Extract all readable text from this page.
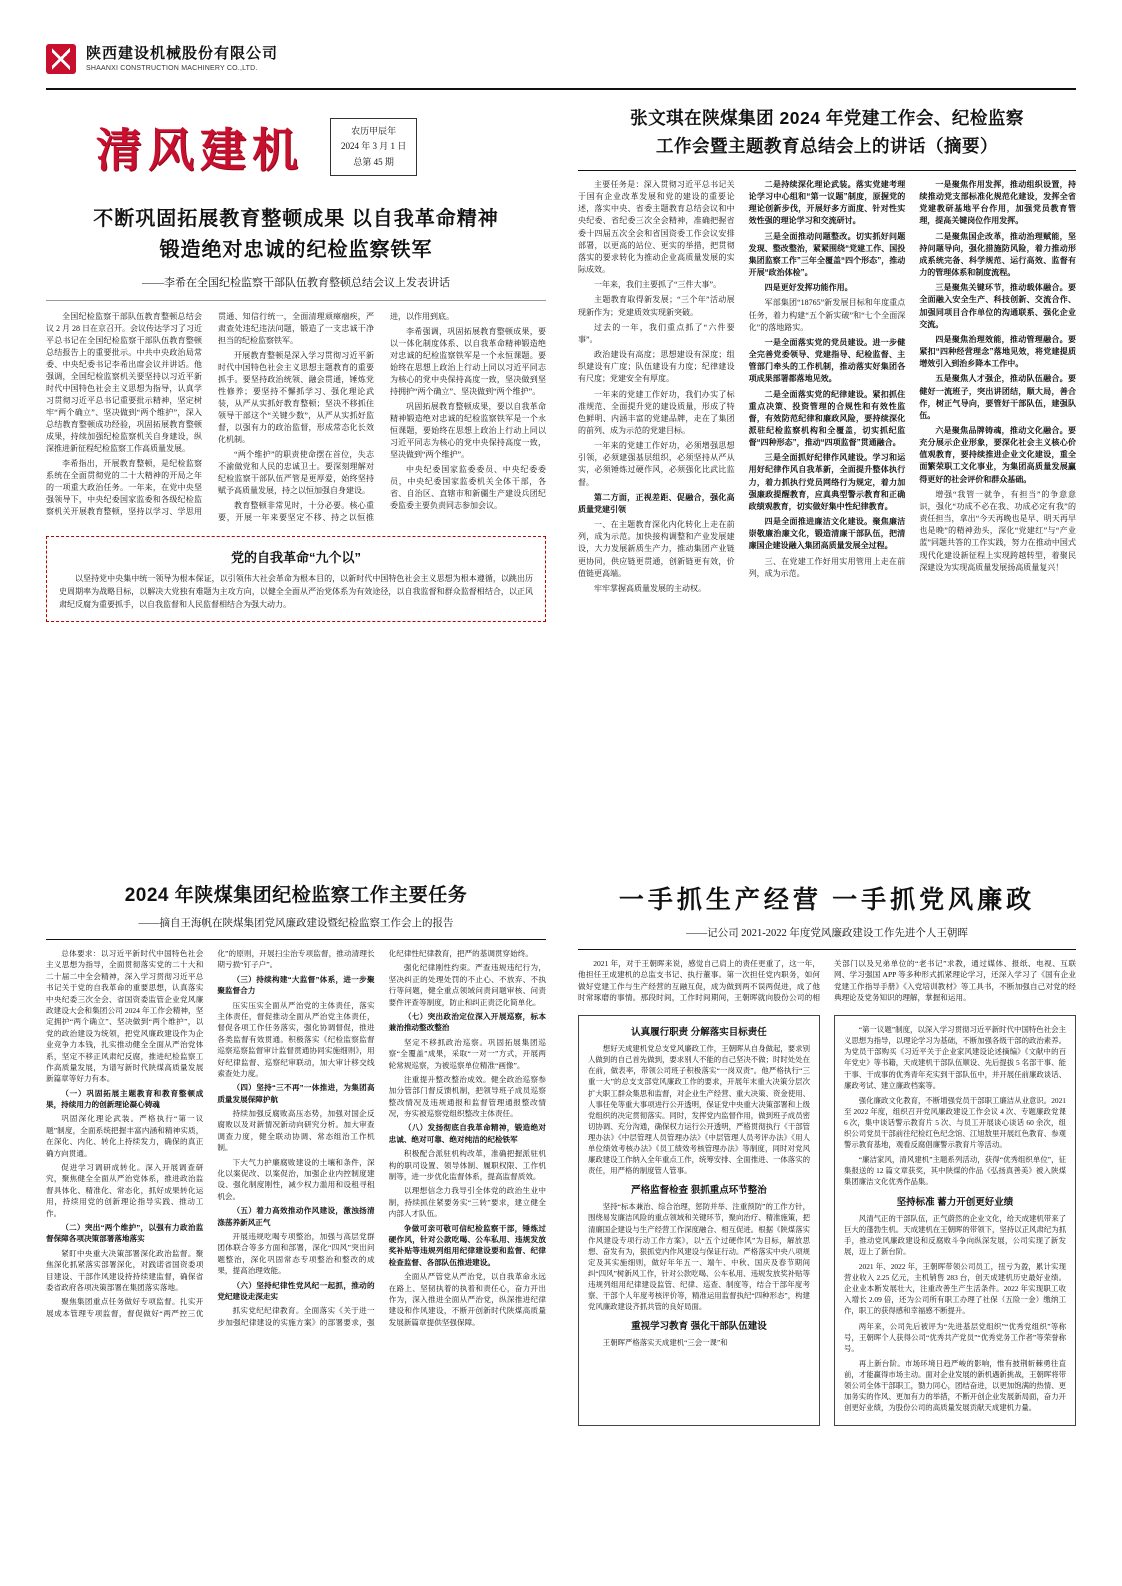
陕西建设机械股份有限公司
SHAANXI CONSTRUCTION MACHINERY CO.,LTD.
清风建机	农历甲辰年
2024 年 3 月 1 日
总第 45 期
不断巩固拓展教育整顿成果 以自我革命精神
锻造绝对忠诚的纪检监察铁军
——李希在全国纪检监察干部队伍教育整顿总结会议上发表讲话

全国纪检监察干部队伍教育整顿总结会议 2 月 28 日在京召开。会议传达学习了习近平总书记在全国纪检监察干部队伍教育整顿总结报告上的重要批示。中共中央政治局常委、中央纪委书记李希出席会议并讲话。他强调，全国纪检监察机关要坚持以习近平新时代中国特色社会主义思想为指导，认真学习贯彻习近平总书记重要批示精神，坚定树牢“两个确立”、坚决做到“两个维护”，深入总结教育整顿成功经验，巩固拓展教育整顿成果，持续加强纪检监察机关自身建设，纵深推进新征程纪检监察工作高质量发展。

李希指出，开展教育整顿，是纪检监察系统在全面贯彻党的二十大精神的开局之年的一项重大政治任务。一年来，在党中央坚强领导下，中央纪委国家监委和各级纪检监察机关开展教育整顿，坚持以学习、学思用贯通、知信行统一，全面清理顽瘴痼疾，严肃查处违纪违法问题，锻造了一支忠诚干净担当的纪检监察铁军。

开展教育整顿是深入学习贯彻习近平新时代中国特色社会主义思想主题教育的重要抓手。要坚持政治统领、融会贯通，锤炼党性修养；要坚持不懈抓学习、强化理论武装，从严从实抓好教育整顿；坚决不移抓住领导干部这个“关键少数”，从严从实抓好监督，以强有力的政治监督，形成常态化长效化机制。

“两个维护”的职责使命摆在首位，失志不渝做党和人民的忠诚卫士。要深刻理解对纪检监察干部队伍严管是更厚爱，始终坚持赋予高质量发展，持之以恒加强自身建设。

教育整顿非常见时，十分必要。核心重要，开展一年来要坚定不移、持之以恒推进，以作用到底。

李希强调，巩固拓展教育整顿成果，要以一体化制度体系、以自我革命精神锻造绝对忠诚的纪检监察铁军是一个永恒课题。要始终在思想上政治上行动上同以习近平同志为核心的党中央保持高度一致，坚决做到坚持拥护“两个确立”、坚决做到“两个维护”。

巩固拓展教育整顿成果，要以自我革命精神锻造绝对忠诚的纪检监察铁军是一个永恒课题，要始终在思想上政治上行动上同以习近平同志为核心的党中央保持高度一致，坚决做到“两个维护”。

中央纪委国家监委委员、中央纪委委员，中央纪委国家监委机关全体干部，各省、自治区、直辖市和新疆生产建设兵团纪委监委主要负责同志参加会议。

党的自我革命“九个以”
以坚持党中央集中统一领导为根本保证，以引领伟大社会革命为根本目的，以新时代中国特色社会主义思想为根本遵循，以跳出历史周期率为战略目标，以解决大党独有难题为主攻方向，以健全全面从严治党体系为有效途径，以自我监督和群众监督相结合，以正风肃纪反腐为重要抓手，以自我监督和人民监督相结合为强大动力。
张文琪在陕煤集团 2024 年党建工作会、纪检监察
工作会暨主题教育总结会上的讲话（摘要）

主要任务是：深入贯彻习近平总书记关于国有企业改革发展和党的建设的重要论述，落实中央、省委主题教育总结会议和中央纪委、省纪委三次全会精神，准确把握省委十四届五次全会和省国资委工作会议安排部署，以更高的站位、更实的举措，把贯彻落实的要求转化为推动企业高质量发展的实际成效。

一年来，我们主要抓了“三件大事”。

主题教育取得新发展；“三个年”活动展现新作为；党建质效实现新突破。

过去的一年，我们重点抓了“六件要事”。

政治建设有高度；思想建设有深度；组织建设有广度；队伍建设有力度；纪律建设有尺度；党建安全有厚度。

一年来的党建工作好功，我们办实了标准规范、全面提升党的建设质量，形成了特色鲜明、内涵丰富的党建品牌，走在了集团的前列、成为示范的党建目标。

一年来的党建工作好功，必须增强思想引领，必须建强基层组织，必须坚持从严从实，必须锤炼过硬作风，必须强化比武比监督。

第二方面，正视差距、促融合，强化高质量党建引领

一、在主题教育深化内化转化上走在前列，成为示范。加快接构调整和产业发展建设，大力发展新质生产力，推动集团产业链更协同，供应链更贯通，创新链更有效，价值链更高端。

牢牢掌握高质量发展的主动权。

二是持续深化理论武装。落实党建考理论学习中心组和“第一议题”制度，原握党的理论创新步伐，开展好多方面度、针对性实效性强的理论学习和交流研讨。

三是全面推动问题整改。切实抓好问题发现、整改整治，紧紧围绕“党建工作、国投集团监察工作”三年全覆盖“四个形态”，推动开展“政治体检”。

四是更好发挥功能作用。

军部集团“18765”新发展目标和年度重点任务，着力构建“五个新实破”和“七个全面深化”的落地路实。

一是全面落实党的党员建设。进一步健全完善党委领导、党建指导、纪检监督、主管部门牵头的工作机制，推动落实好集团各项成果部署都落地见效。

二是全面落实党的纪律建设。紧扣抓住重点决策、投资管理的合规性和有效性监督，有效防范纪律和廉政风险，要持续深化派驻纪检监察机构和全覆盖，切实抓纪监督“四种形态”，推动“四项监督”贯通融合。

三是全面抓好纪律作风建设。学习和运用好纪律作风自我革新，全面提升整体执行力，着力抓执行党员网络行为规定，着力加强廉政提醒教育，应真典型警示教育和正确政绩观教育，切实做好集中性纪律教育。

四是全面推进廉洁文化建设。聚焦廉洁崇敬廉治廉文化，锻造清廉干部队伍，把清廉国企建设融入集团高质量发展全过程。

三、在党建工作好用实用管用上走在前列，成为示范。

一是聚焦作用发挥，推动组织设置，持续推动党支部标准化规范化建设，发挥全省党建教研基地平台作用，加强党员教育管理，提高关键岗位作用发挥。

二是聚焦国企改革，推动治理赋能，坚持问题导向，强化措施防风险，着力推动形成系统完备、科学规范、运行高效、监督有力的管理体系和制度流程。

三是聚焦关键环节，推动载体融合。要全面融入安全生产、科技创新、交流合作、加强同项目合作单位的沟通联系、强化企业交流。

四是聚焦治理效能，推动管理融合。要紧扣“四种经营理念”落地见效，将党建提质增效引入到治乡降本工作中。

五是聚焦人才强企，推动队伍融合。要健好一流班子，突出讲团结，顺大局，善合作，树正气导向，要管好干部队伍，建强队伍。

六是聚焦品牌铸魂，推动文化融合。要充分展示企业形象，要深化社会主义核心价值观教育，要持续推进企业文化建设，重全面繁荣职工文化事业，为集团高质量发展赢得更好的社会评价和群众基础。

增强“我管一就争，有担当”的争意意识，强化“功成不必在我、功成必定有我”的责任担当，拿出“今天再晚也是早、明天再早也是晚”的精神劲头，深化“党建红”与“产业蓝”同题共答的工作实践，努力在推动中国式现代化建设新征程上实现跨越转型，着聚民深建设为实现高质量发展扬高质量复兴！

2024 年陕煤集团纪检监察工作主要任务
——摘自王海帆在陕煤集团党风廉政建设暨纪检监察工作会上的报告

总体要求：以习近平新时代中国特色社会主义思想为指导，全面贯彻落实党的二十大和二十届二中全会精神，深入学习贯彻习近平总书记关于党的自我革命的重要思想，认真落实中央纪委三次全会、省国资委监管企业党风廉政建设大会和集团公司 2024 年工作会精神，坚定拥护“两个确立”、坚决做到“两个维护”，以党的政治建设为统领，把党风廉政建设作为企业竞争力本钱，扎实推动健全全面从严治党体系，坚定不移正风肃纪反腐，推进纪检监察工作高质量发展，为谱写新时代陕煤高质量发展新篇章等好力有本。

（一）巩固拓展主题教育和教育整顿成果，持续用力的创新理论凝心铸魂

巩固深化理论武装。严格执行“第一议题”制度，全面系统把握丰富内涵和精神实质，在深化、内化、转化上持续发力，确保的真正确方向贯通。

促进学习调研成转化。深入开展调查研究，聚焦健全全面从严治党体系，推进政治监督具体化、精准化、常态化，抓好成果转化运用，持续用党的创新理论指导实践、推动工作。

（二）突出“两个维护”，以强有力政治监督保障各项决策部署落地落实

紧盯中央重大决策部署深化政治监督。聚焦深化抓紧落实部署深化，对践诺省国资委项目建设、干部作风建设持持续建监督，确保省委省政府各项决策部署在集团落实落地。

聚焦集团重点任务做好专项监督。扎实开展成本管理专项监督，督促做好“两严控三优化”的原则，开展扫尘治专项监督，推动清理长期亏损“钉子户”。

（三）持续构建“大监督”体系，进一步聚聚监督合力

压实压实全面从严治党的主体责任，落实主体责任，督促推动全面从严治党主体责任，督促各项工作任务落实，强化协调督促，推进各类监督有效贯通。积极落实《纪检监察监督巡察巡察监督审计监督贯通协同实施细则》，用好纪律监督、巡察纪审联动，加大审计移交线索查处力度。

（四）坚持“三不再”一体推进，为集团高质量发展保障护航

持续加强反腐败高压态势，加强对国企反腐败以及对新情况新动向研究分析。加大审查调查力度，健全联动协调、常态组治工作机制。

下大气力护廉腐败建设的土壤和条件，深化以案促改、以案促治，加强企业内控制度建设、强化制度刚性，减少权力滥用和设租寻租机会。

（五）着力高效推动作风建设，激浊扬清涤荡养新风正气

开展违规吃喝专项整治，加强与高层党群团体联合等多方面和部署，深化“四风”突出问题整治，深化巩固常态专项整治和整改的成果，提高治理效能。

（六）坚持纪律性党风纪一起抓，推动的党纪建设走深走实

抓实党纪纪律教育。全面落实《关于进一步加强纪律建设的实施方案》的部署要求，强化纪律性纪律教育，把严的基调贯穿始终。

强化纪律刚性约束。严查违规违纪行为，坚决纠正的处理处罚的不止心、不放弃、不执行等问题，健全重点领域问责问题审核、问责要件评查等制度，防止和纠正责泛化简单化。

（七）突出政治定位深入开展巡察，标本兼治推动整改整治

坚定不移抓政治巡察。巩固拓展集团巡察“全覆盖”成果，采取“一对一”方式，开展两轮常规巡察，为被巡察单位精准“画像”。

注重提升整改整治成效。健全政治巡察参加分管部门督反馈机制，把领导班子成员巡察整改情况及违规通报和监督管理通报整改情况，夯实被巡察党组织整改主体责任。

（八）发扬彻底自我革命精神，锻造绝对忠诚、绝对可靠、绝对纯洁的纪检铁军

积极配合派驻机构改革，准确把握派驻机构的职司设置、领导体制、履职权限、工作机制等，进一步优化监督体系，提高监督质效。

以理想信念力我导引全体党的政治生业中制，持续抓住紧要务实“三转”要求，建立健全内部人才队伍。

争做可亲可敬可信纪检监察干部，锤炼过硬作风，针对公款吃喝、公车私用、违规发放奖补贴等违规列组用纪律建设要和监督、纪律检查监督、各部队伍推进建设。

全面从严管党从严治党，以自我革命永远在路上、坚韧执着的执着和责任心，奋力开出作为，深入推进全面从严治党，纵深推进纪律建设和作风建设，不断开创新时代陕煤高质量发展新篇章提供坚强保障。

一手抓生产经营 一手抓党风廉政
——记公司 2021-2022 年度党风廉政建设工作先进个人王朝晖

2021 年，对于王朝晖来说，感觉自己肩上的责任更重了，这一年，他担任王成建机的总监支书记、执行董事。第一次担任党内职务，如何做好党建工作与生产经营的互融互促，成为做到两不误两促进，成了他时常琢磨的事情。那段时间，工作时间期间，王朝晖就向股份公司的相关部门以及兄弟单位的“老书记”求教，通过媒体、报纸、电视、互联网、学习强国 APP 等多种形式抓紧理论学习，还深入学习了《国有企业党建工作指导手册》《入党培训教材》等工具书，不断加强自己对党的经典理论及党务知识的理解，掌握和运用。

认真履行职责 分解落实目标责任

想好天成建机党总支党风廉政工作，王朝晖从自身做起，要求别人做到的自己首先做到，要求别人不能的自己坚决不做；时时处处在在前，做表率，带领公司班子积极落实“一岗双责”。他严格执行“三重一大”的总支支部党风廉政工作的要求，开展年末重大决策分层次扩大职工群众集思和监督，对企业生产经营、重大决策、资金使用、人事任免等重大事项进行公开透明，保证党中央重大决策部署和上级党组织的决定贯彻落实。同时，发挥党内监督作用，做到班子成员密切协调、充分沟通，确保权力运行公开透明，严格贯彻执行《干部管理办法》《中层管理人员管理办法》《中层管理人员考评办法》《用人单位绩效考核办法》《员工绩效考核管理办法》等制度，同时对党风廉政建设工作纳入全年重点工作，统筹安排、全面推进、一体落实的责任，用严格的制度管人管事。

严格监督检查 狠抓重点环节整治

坚持“标本兼治、综合治理，惩防并举、注重预防”的工作方针，围绕易发廉洁风险的重点领域和关键环节，聚向治疗、精准施策，把清廉国企建设与生产经营工作深度融合、相互促进。根据《陕煤落实作风建设专项行动工作方案》，以“五个过硬作风”为目标，解放思想、奋发有为，狠抓党内作风建设与保证行动。严格落实中央八项规定及其实施细则，做好年年五一、端午、中秋、国庆及春节期间纠“四风”树新风工作，针对公款吃喝、公车私用、违规发放奖补贴等违规列组用纪律建设监管、纪律、巡查、制度等，结合干部年度考察、干部个人年度考核评价等，精准运用监督执纪“四种形态”，构建党风廉政建设齐抓共管的良好局面。

重视学习教育 强化干部队伍建设

王朝晖严格落实天成建机“三会一课”和

“第一议题”制度，以深入学习贯彻习近平新时代中国特色社会主义思想为指导，以理论学习为基础，不断加强各级干部的政治素养。为党员干部购买《习近平关于企业家风建设论述摘编》《文献中的百年党史》等书籍，天成建机干部队伍顺设、先后提拔 5 名部干事、能干事、干成事的优秀青年充实到干部队伍中，并开展任前廉政谈话、廉政考试、建立廉政档案等。

强化廉政文化教育，不断增强党员干部职工廉洁从业意识。2021 至 2022 年度，组织召开党风廉政建设工作会议 4 次、专题廉政党课 6 次，集中谈话警示教育片 5 次、与员工开展谈心谈话 60 余次，组织公司党员干部前往纪检红色纪念馆、江旭敖里开展红色教育、参观警示教育基地，观看反腐倡廉警示教育片等活动。

“廉洁家风，清风建机”主题系列活动，获得“优秀组织单位”，征集报送的 12 篇文章获奖，其中陕煤的作品《弘扬真善美》被入陕煤集团廉洁文化优秀作品集。

坚持标准 蓄力开创更好业绩

风清气正的干部队伍，正气蔚然的企业文化，给天成建机带来了巨大的蓬勃生机。天成建机在王朝晖的带领下，坚持以正风肃纪为抓手，推动党风廉政建设和反腐败斗争向纵深发展，公司实现了新发展，迈上了新台阶。

2021 年、2022 年，王朝晖带领公司员工，扭亏为盈，累计实现营业收入 2.25 亿元，主机销售 283 台，创天成建机历史最好业绩。企业业本断发展壮大，注重改善生产生活条件。2022 年实现职工收入增长 2.09 倍，还为公司所有职工办理了社保（五险一金）缴纳工作，职工的获得感和幸福感不断提升。

两年来，公司先后被评为“先进基层党组织”“优秀党组织”等称号，王朝晖个人获得公司“优秀共产党员”“优秀党务工作者”等荣誉称号。

再上新台阶。市场环境日趋严峻的影响，惟有披荆斩棘勇往直前，才能赢得市场主动。面对企业发展的新机遇新挑战，王朝晖将带领公司全体干部职工，勠力同心，团结奋进，以更加饱满的热情、更加务实的作风、更加有力的举措，不断开创企业发展新局面，奋力开创更好业绩，为股份公司的高质量发展贡献天成建机力量。
